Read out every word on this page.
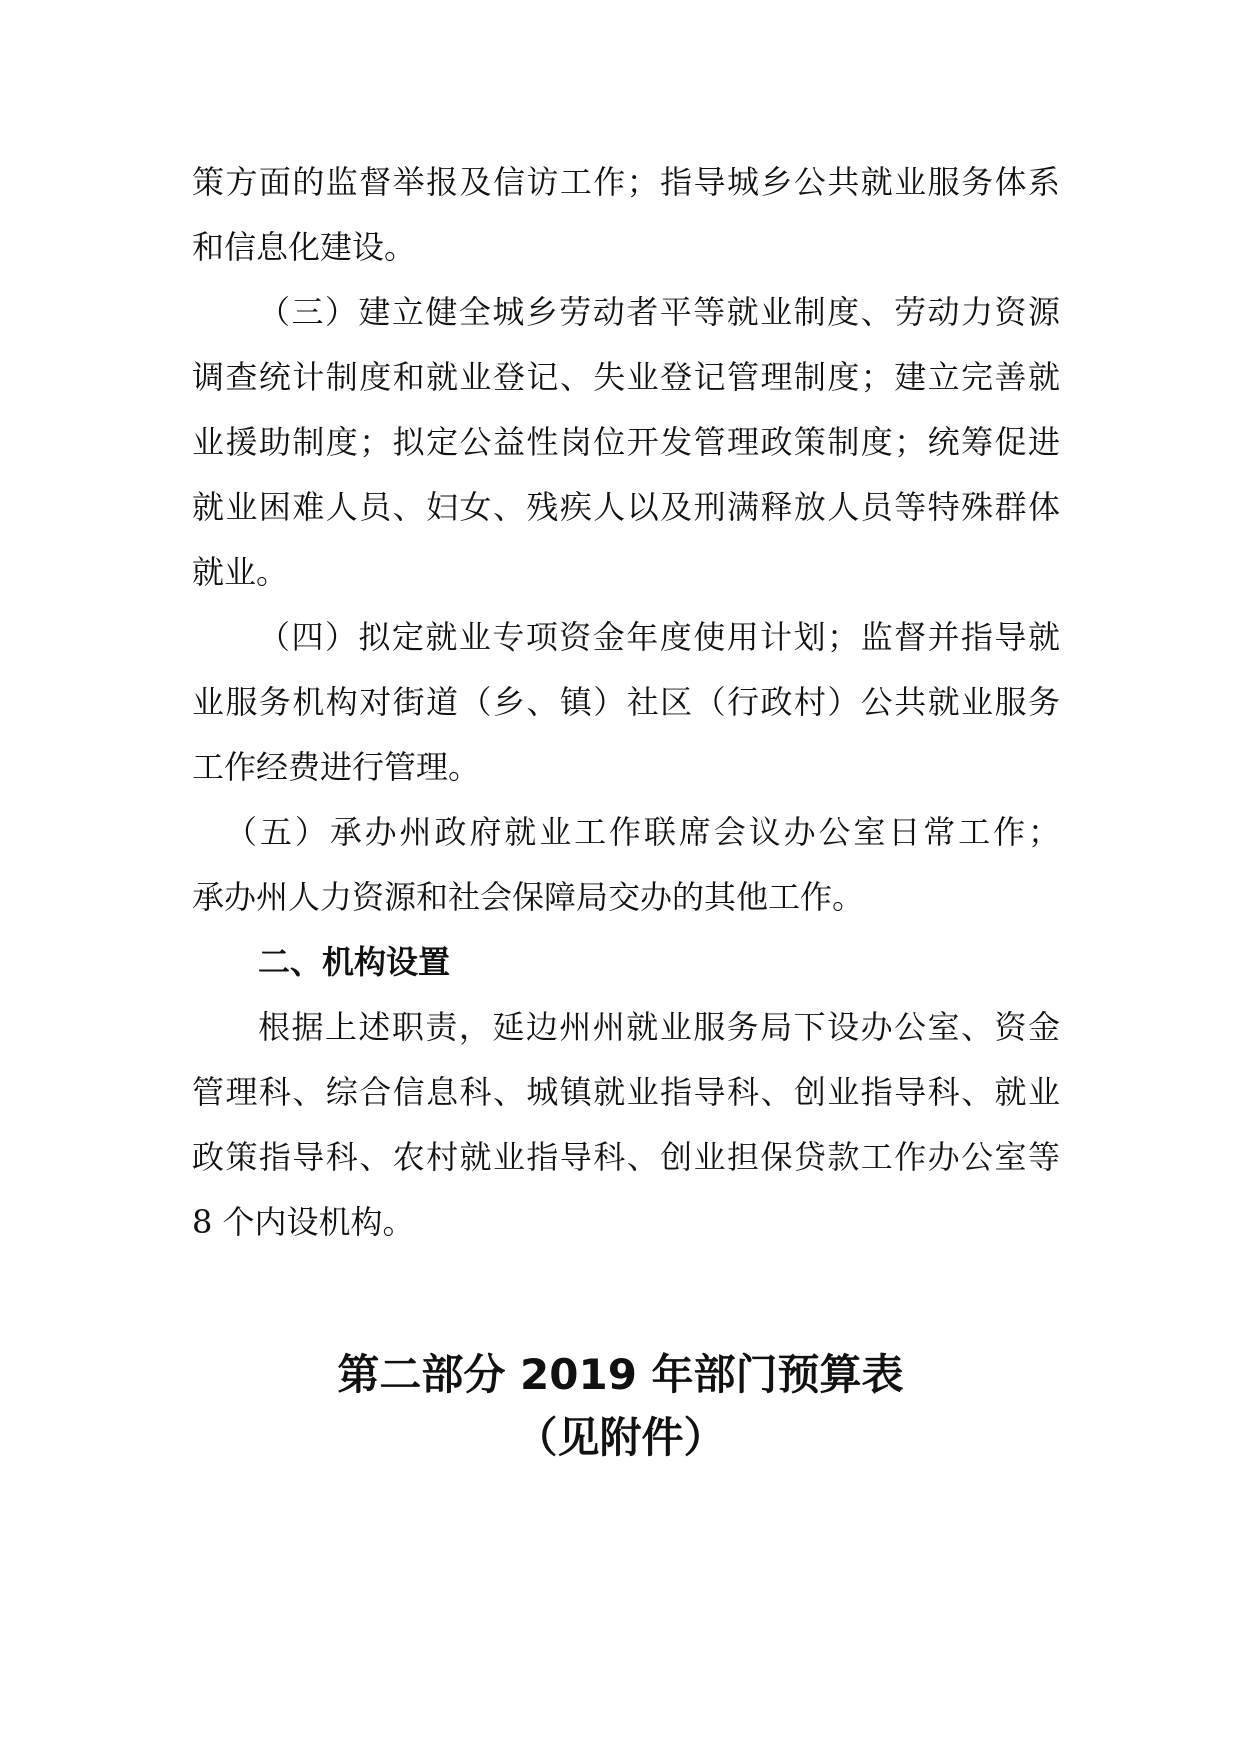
策方面的监督举报及信访工作；指导城乡公共就业服务体系
和信息化建设。
（三）建立健全城乡劳动者平等就业制度、劳动力资源
调查统计制度和就业登记、失业登记管理制度；建立完善就
业援助制度；拟定公益性岗位开发管理政策制度；统筹促进
就业困难人员、妇女、残疾人以及刑满释放人员等特殊群体
就业。
（四）拟定就业专项资金年度使用计划；监督并指导就
业服务机构对街道（乡、镇）社区（行政村）公共就业服务
工作经费进行管理。
（五）承办州政府就业工作联席会议办公室日常工作；
承办州人力资源和社会保障局交办的其他工作。
二、机构设置
根据上述职责，延边州州就业服务局下设办公室、资金
管理科、综合信息科、城镇就业指导科、创业指导科、就业
政策指导科、农村就业指导科、创业担保贷款工作办公室等
8 个内设机构。
第二部分 2019 年部门预算表
（见附件）
